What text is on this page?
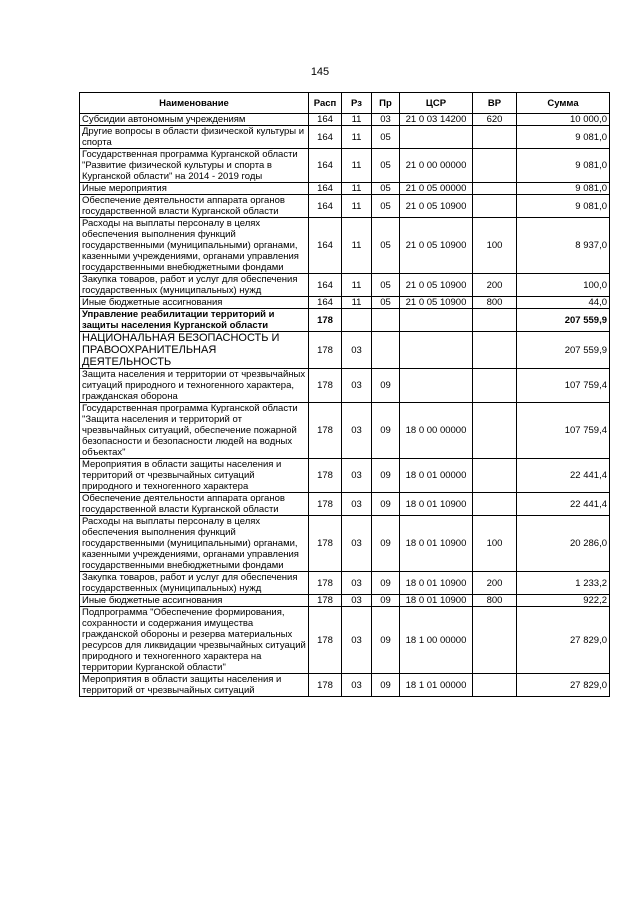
145
Наименование	Расп	Рз	Пр	ЦСР	ВР	Сумма
Субсидии автономным учреждениям	164	11	03	21 0 03 14200	620	10 000,0
Другие вопросы в области физической культуры и спорта	164	11	05			9 081,0
Государственная программа Курганской области "Развитие физической культуры и спорта в Курганской области" на 2014 - 2019 годы	164	11	05	21 0 00 00000		9 081,0
Иные мероприятия	164	11	05	21 0 05 00000		9 081,0
Обеспечение деятельности аппарата органов государственной власти Курганской области	164	11	05	21 0 05 10900		9 081,0
Расходы на выплаты персоналу в целях обеспечения выполнения функций государственными (муниципальными) органами, казенными учреждениями, органами управления государственными внебюджетными фондами	164	11	05	21 0 05 10900	100	8 937,0
Закупка товаров, работ и услуг для обеспечения государственных (муниципальных) нужд	164	11	05	21 0 05 10900	200	100,0
Иные бюджетные ассигнования	164	11	05	21 0 05 10900	800	44,0
Управление реабилитации территорий и защиты населения Курганской области	178					207 559,9
НАЦИОНАЛЬНАЯ БЕЗОПАСНОСТЬ И ПРАВООХРАНИТЕЛЬНАЯ ДЕЯТЕЛЬНОСТЬ	178	03				207 559,9
Защита населения и территории от чрезвычайных ситуаций природного и техногенного характера, гражданская оборона	178	03	09			107 759,4
Государственная программа Курганской области "Защита населения и территорий от чрезвычайных ситуаций, обеспечение пожарной безопасности и безопасности людей на водных объектах"	178	03	09	18 0 00 00000		107 759,4
Мероприятия в области защиты населения и территорий от чрезвычайных ситуаций природного и техногенного характера	178	03	09	18 0 01 00000		22 441,4
Обеспечение деятельности аппарата органов государственной власти Курганской области	178	03	09	18 0 01 10900		22 441,4
Расходы на выплаты персоналу в целях обеспечения выполнения функций государственными (муниципальными) органами, казенными учреждениями, органами управления государственными внебюджетными фондами	178	03	09	18 0 01 10900	100	20 286,0
Закупка товаров, работ и услуг для обеспечения государственных (муниципальных) нужд	178	03	09	18 0 01 10900	200	1 233,2
Иные бюджетные ассигнования	178	03	09	18 0 01 10900	800	922,2
Подпрограмма "Обеспечение формирования, сохранности и содержания имущества гражданской обороны и резерва материальных ресурсов для ликвидации чрезвычайных ситуаций природного и техногенного характера на территории Курганской области"	178	03	09	18 1 00 00000		27 829,0
Мероприятия в области защиты населения и территорий от чрезвычайных ситуаций	178	03	09	18 1 01 00000		27 829,0
